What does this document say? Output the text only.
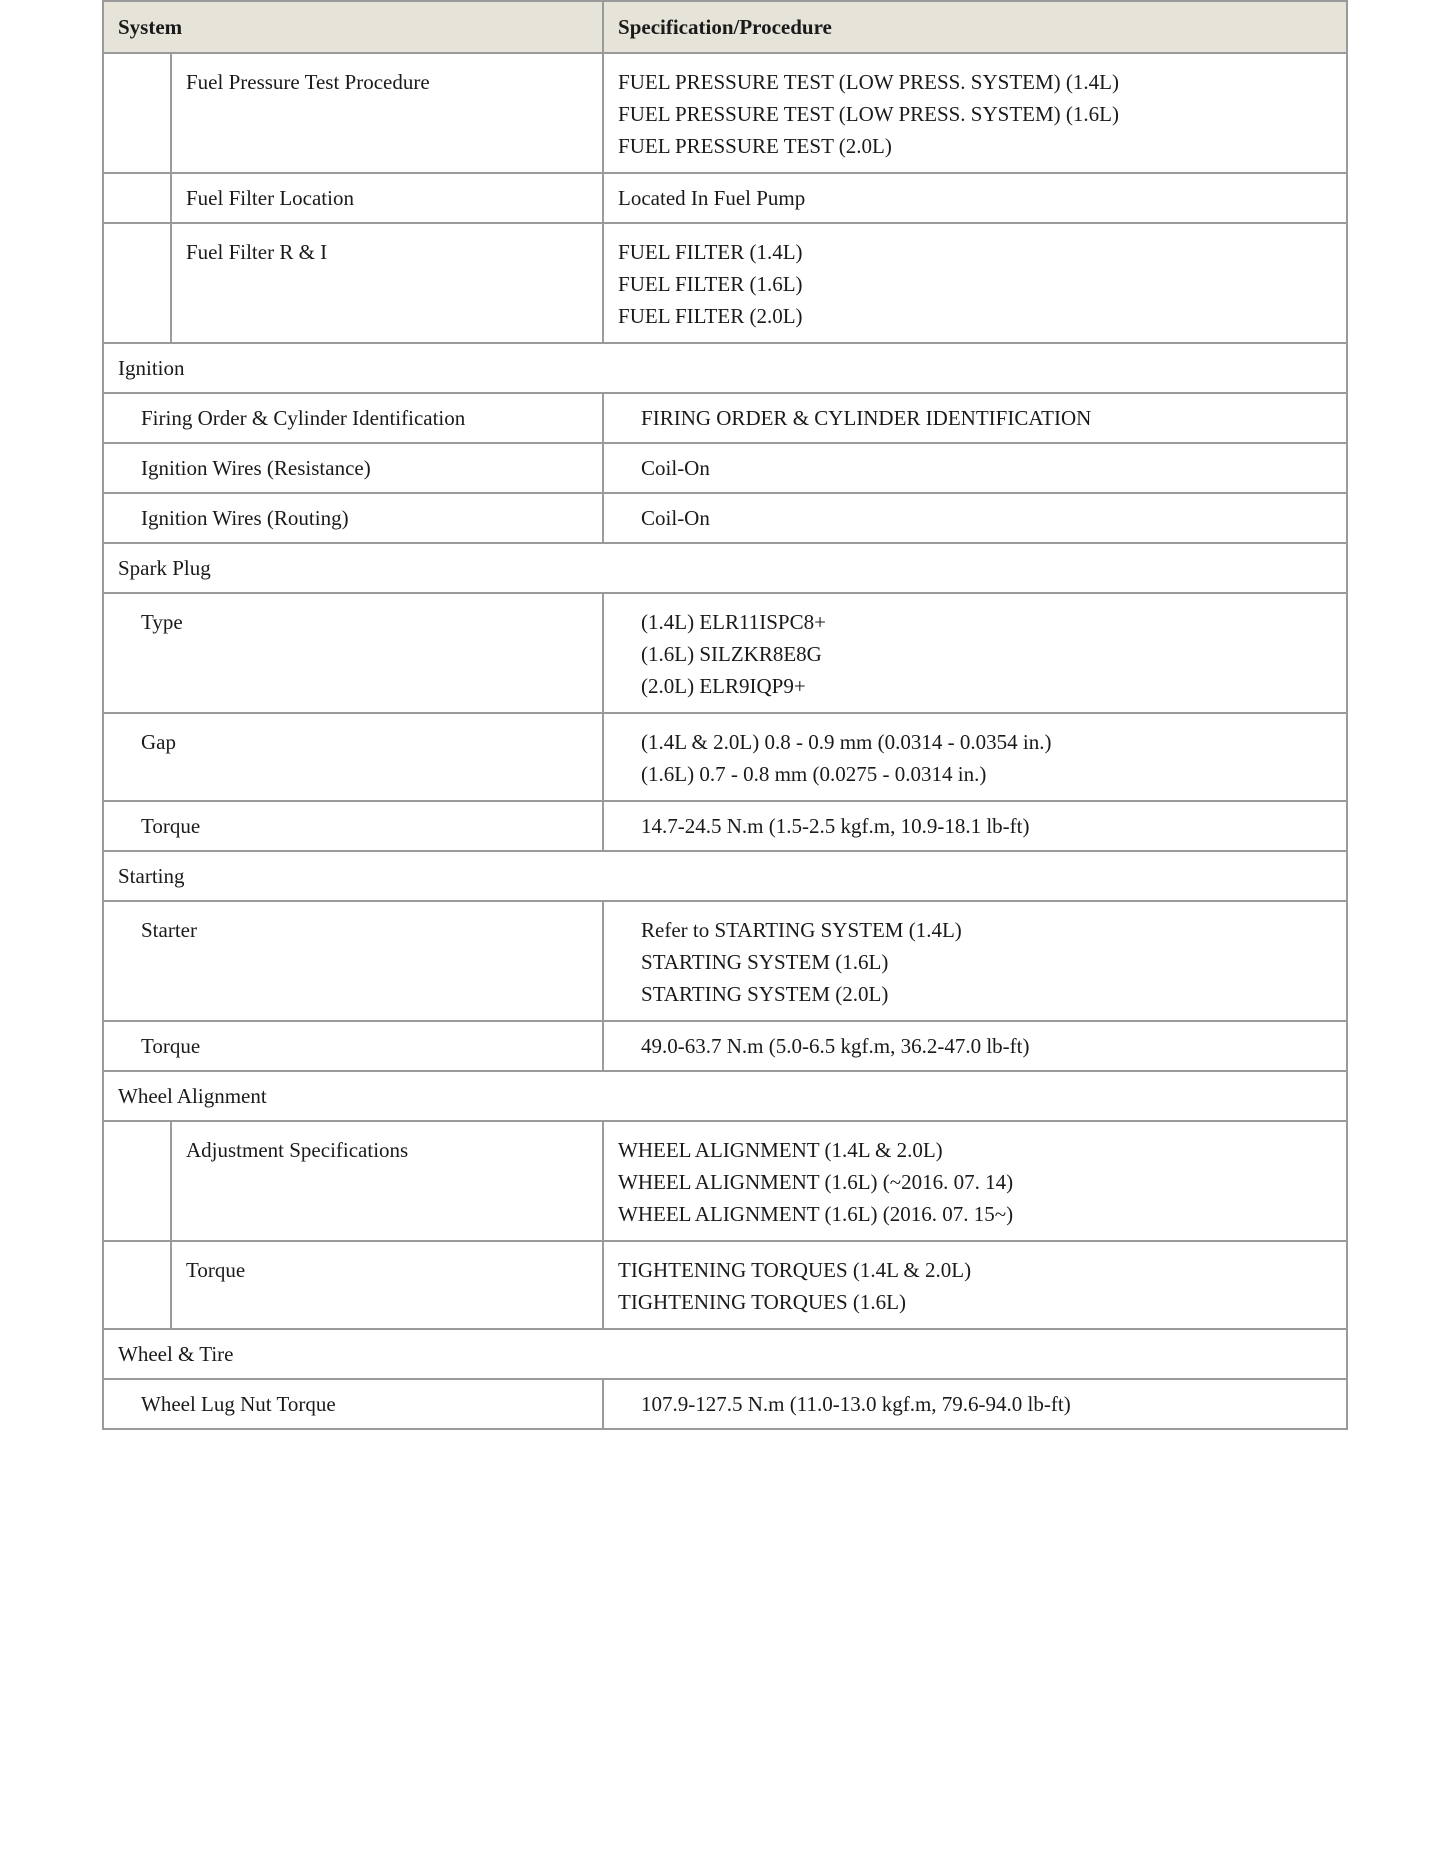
System		Specification/Procedure
	Fuel Pressure Test Procedure	FUEL PRESSURE TEST (LOW PRESS. SYSTEM) (1.4L)
FUEL PRESSURE TEST (LOW PRESS. SYSTEM) (1.6L)
FUEL PRESSURE TEST (2.0L)

	Fuel Filter Location	Located In Fuel Pump
	Fuel Filter R & I	FUEL FILTER (1.4L)
FUEL FILTER (1.6L)
FUEL FILTER (2.0L)

Ignition		
Firing Order & Cylinder Identification		FIRING ORDER & CYLINDER IDENTIFICATION
Ignition Wires (Resistance)		Coil-On
Ignition Wires (Routing)		Coil-On
Spark Plug		
Type		(1.4L) ELR11ISPC8+
(1.6L) SILZKR8E8G
(2.0L) ELR9IQP9+

Gap		(1.4L & 2.0L) 0.8 - 0.9 mm (0.0314 - 0.0354 in.)
(1.6L) 0.7 - 0.8 mm (0.0275 - 0.0314 in.)

Torque		14.7-24.5 N.m (1.5-2.5 kgf.m, 10.9-18.1 lb-ft)
Starting		
Starter		Refer to STARTING SYSTEM (1.4L)
STARTING SYSTEM (1.6L)
STARTING SYSTEM (2.0L)

Torque		49.0-63.7 N.m (5.0-6.5 kgf.m, 36.2-47.0 lb-ft)
Wheel Alignment		
	Adjustment Specifications	WHEEL ALIGNMENT (1.4L & 2.0L)
WHEEL ALIGNMENT (1.6L) (~2016. 07. 14)
WHEEL ALIGNMENT (1.6L) (2016. 07. 15~)

	Torque	TIGHTENING TORQUES (1.4L & 2.0L)
TIGHTENING TORQUES (1.6L)

Wheel & Tire		
Wheel Lug Nut Torque		107.9-127.5 N.m (11.0-13.0 kgf.m, 79.6-94.0 lb-ft)
